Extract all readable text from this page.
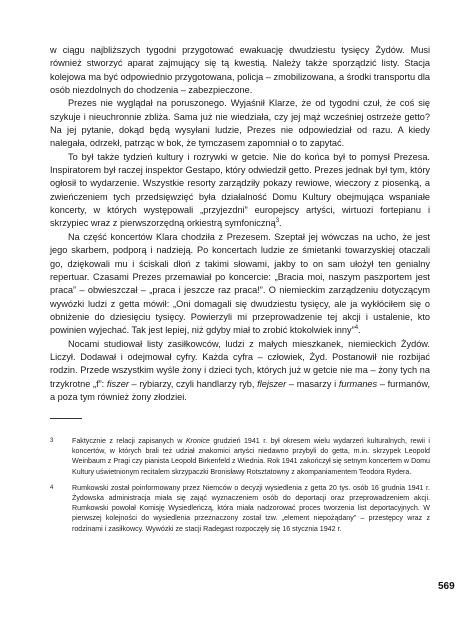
w ciągu najbliższych tygodni przygotować ewakuację dwudziestu tysięcy Żydów. Musi również stworzyć aparat zajmujący się tą kwestią. Należy także sporządzić listy. Stacja kolejowa ma być odpowiednio przygotowana, policja – zmobilizowana, a środki transportu dla osób niezdolnych do chodzenia – zabezpieczone.

Prezes nie wyglądał na poruszonego. Wyjaśnił Klarze, że od tygodni czuł, że coś się szykuje i nieuchronnie zbliża. Sama już nie wiedziała, czy jej mąż wcześniej ostrzeże getto? Na jej pytanie, dokąd będą wysyłani ludzie, Prezes nie odpowiedział od razu. A kiedy nalegała, odrzekł, patrząc w bok, że tymczasem zapomniał o to zapytać.

To był także tydzień kultury i rozrywki w getcie. Nie do końca był to pomysł Prezesa. Inspiratorem był raczej inspektor Gestapo, który odwiedził getto. Prezes jednak był tym, który ogłosił to wydarzenie. Wszystkie resorty zarządziły pokazy rewiowe, wieczory z piosenką, a zwieńczeniem tych przedsięwzięć była działalność Domu Kultury obejmująca wspaniałe koncerty, w których występowali „przyjezdni” europejscy artyści, wirtuozi fortepianu i skrzypiec wraz z pierwszorzędną orkiestrą symfoniczną$^3$.

Na część koncertów Klara chodziła z Prezesem. Szeptał jej wówczas na ucho, że jest jego skarbem, podporą i nadzieją. Po koncertach ludzie ze śmietanki towarzyskiej otaczali go, dziękowali mu i ściskali dłoń z takimi słowami, jakby to on sam ułożył ten genialny repertuar. Czasami Prezes przemawiał po koncercie: „Bracia moi, naszym paszportem jest praca” – obwieszczał – „praca i jeszcze raz praca!”. O niemieckim zarządzeniu dotyczącym wywózki ludzi z getta mówił: „Oni domagali się dwudziestu tysięcy, ale ja wykłóciłem się o obniżenie do dziesięciu tysięcy. Powierzyli mi przeprowadzenie tej akcji i ustalenie, kto powinien wyjechać. Tak jest lepiej, niż gdyby miał to zrobić ktokolwiek inny”$^4$.

Nocami studiował listy zasiłkowców, ludzi z małych mieszkanek, niemieckich Żydów. Liczył. Dodawał i odejmował cyfry. Każda cyfra – człowiek, Żyd. Postanowił nie rozbijać rodzin. Przede wszystkim wyśle żony i dzieci tych, których już w getcie nie ma – żony tych na trzykrotne „f”: fiszer – rybiarzy, czyli handlarzy ryb, flejszer – masarzy i furmanes – furmanów, a poza tym również żony złodziei.

3	Faktycznie z relacji zapisanych w Kronice grudzień 1941 r. był okresem wielu wydarzeń kulturalnych, rewii i koncertów, w których brali też udział znakomici artyści niedawno przybyli do getta, m.in. skrzypek Leopold Weinbaum z Pragi czy pianista Leopold Birkenfeld z Wiednia. Rok 1941 zakończył się setnym koncertem w Domu Kultury uświetnionym recitalem skrzypaczki Bronisławy Rotsztatowny z akompaniamentem Teodora Rydera.
4	Rumkowski został poinformowany przez Niemców o decyzji wysiedlenia z getta 20 tys. osób 16 grudnia 1941 r. Żydowska administracja miała się zająć wyznaczeniem osób do deportacji oraz przeprowadzeniem akcji. Rumkowski powołał Komisję Wysiedleńczą, która miała nadzorować proces tworzenia list deportacyjnych. W pierwszej kolejności do wysiedlenia przeznaczony został tzw. „element niepożądany” – przestępcy wraz z rodzinami i zasiłkowcy. Wywózki ze stacji Radegast rozpoczęły się 16 stycznia 1942 r.
569
